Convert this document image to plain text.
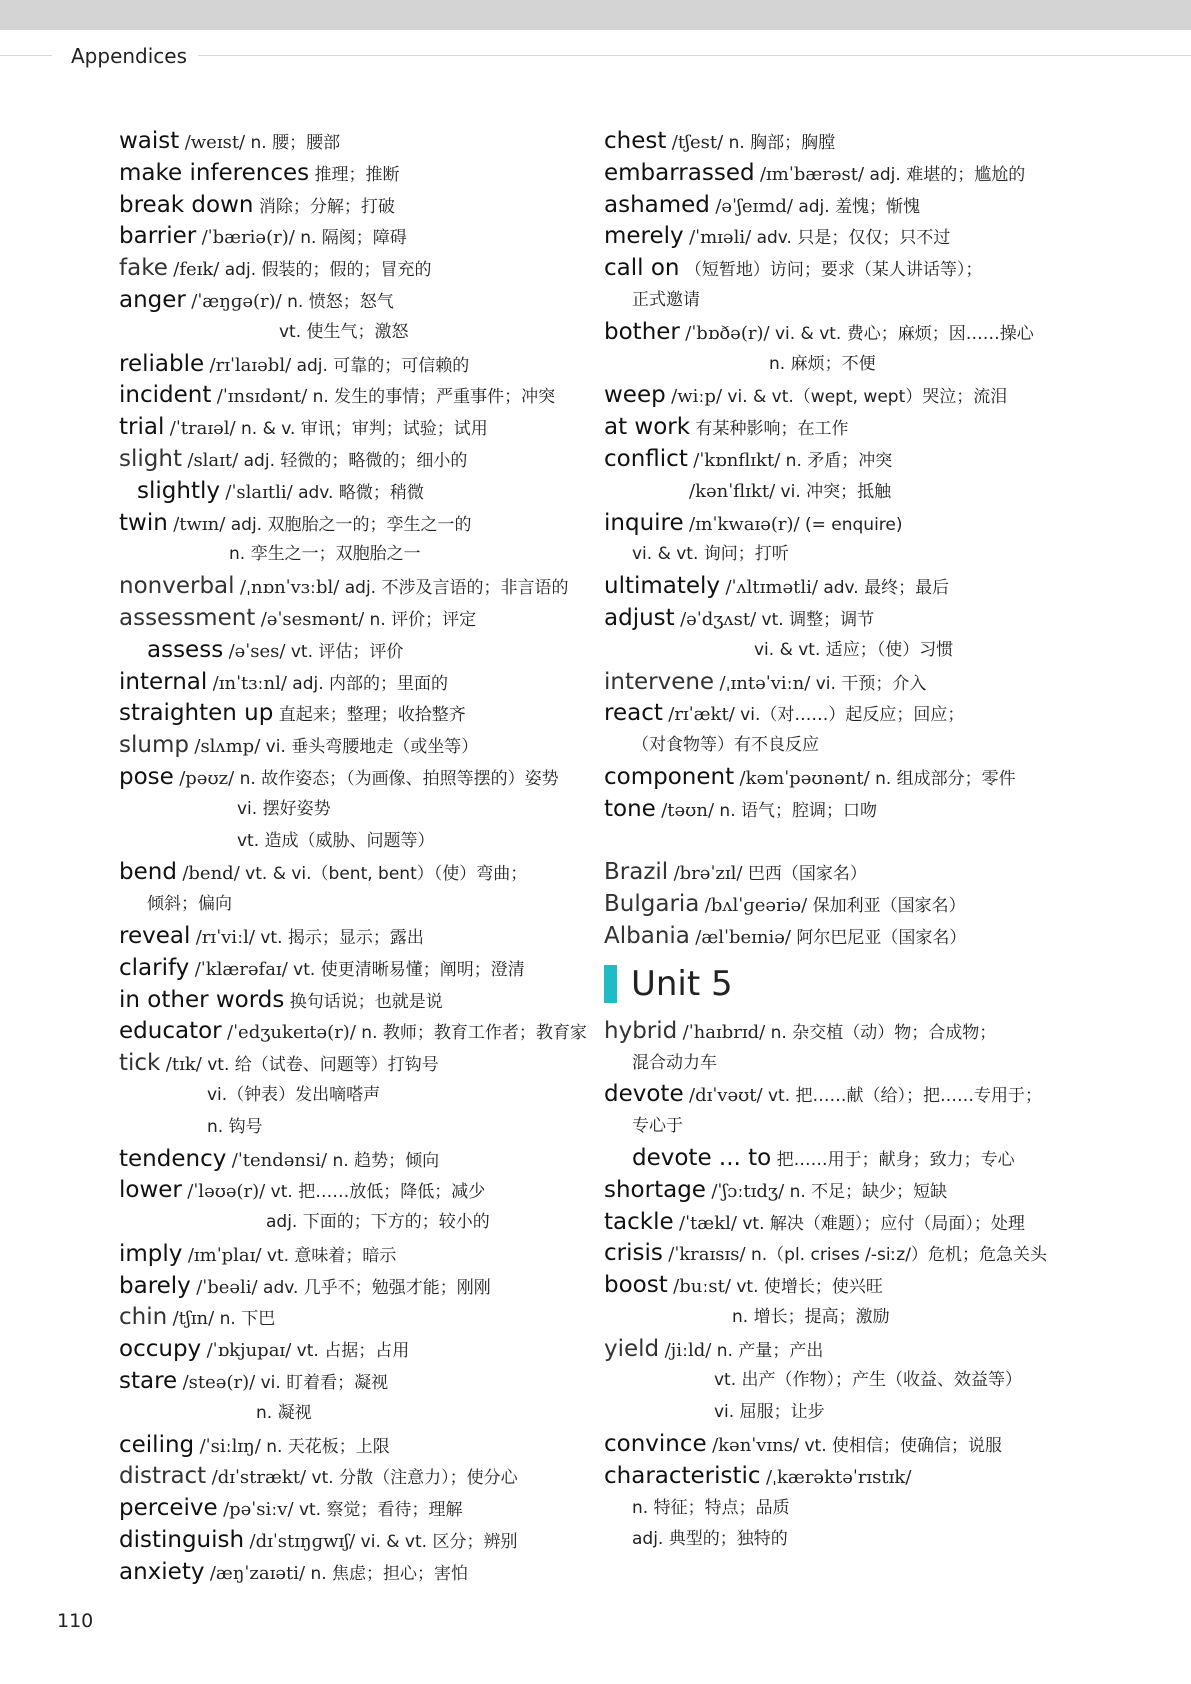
Appendices
waist /weɪst/ n. 腰；腰部
make inferences 推理；推断
break down 消除；分解；打破
barrier /ˈbæriə(r)/ n. 隔阂；障碍
fake /feɪk/ adj. 假装的；假的；冒充的
anger /ˈæŋɡə(r)/ n. 愤怒；怒气
vt. 使生气；激怒
reliable /rɪˈlaɪəbl/ adj. 可靠的；可信赖的
incident /ˈɪnsɪdənt/ n. 发生的事情；严重事件；冲突
trial /ˈtraɪəl/ n. & v. 审讯；审判；试验；试用
slight /slaɪt/ adj. 轻微的；略微的；细小的
slightly /ˈslaɪtli/ adv. 略微；稍微
twin /twɪn/ adj. 双胞胎之一的；孪生之一的
n. 孪生之一；双胞胎之一
nonverbal /ˌnɒnˈvɜːbl/ adj. 不涉及言语的；非言语的
assessment /əˈsesmənt/ n. 评价；评定
assess /əˈses/ vt. 评估；评价
internal /ɪnˈtɜːnl/ adj. 内部的；里面的
straighten up 直起来；整理；收拾整齐
slump /slʌmp/ vi. 垂头弯腰地走（或坐等）
pose /pəʊz/ n. 故作姿态；（为画像、拍照等摆的）姿势
vi. 摆好姿势
vt. 造成（威胁、问题等）
bend /bend/ vt. & vi.（bent, bent）（使）弯曲；
倾斜；偏向
reveal /rɪˈviːl/ vt. 揭示；显示；露出
clarify /ˈklærəfaɪ/ vt. 使更清晰易懂；阐明；澄清
in other words 换句话说；也就是说
educator /ˈedʒukeɪtə(r)/ n. 教师；教育工作者；教育家
tick /tɪk/ vt. 给（试卷、问题等）打钩号
vi.（钟表）发出嘀嗒声
n. 钩号
tendency /ˈtendənsi/ n. 趋势；倾向
lower /ˈləʊə(r)/ vt. 把……放低；降低；减少
adj. 下面的；下方的；较小的
imply /ɪmˈplaɪ/ vt. 意味着；暗示
barely /ˈbeəli/ adv. 几乎不；勉强才能；刚刚
chin /tʃɪn/ n. 下巴
occupy /ˈɒkjupaɪ/ vt. 占据；占用
stare /steə(r)/ vi. 盯着看；凝视
n. 凝视
ceiling /ˈsiːlɪŋ/ n. 天花板；上限
distract /dɪˈstrækt/ vt. 分散（注意力）；使分心
perceive /pəˈsiːv/ vt. 察觉；看待；理解
distinguish /dɪˈstɪŋɡwɪʃ/ vi. & vt. 区分；辨别
anxiety /æŋˈzaɪəti/ n. 焦虑；担心；害怕
chest /tʃest/ n. 胸部；胸膛
embarrassed /ɪmˈbærəst/ adj. 难堪的；尴尬的
ashamed /əˈʃeɪmd/ adj. 羞愧；惭愧
merely /ˈmɪəli/ adv. 只是；仅仅；只不过
call on （短暂地）访问；要求（某人讲话等）；
正式邀请
bother /ˈbɒðə(r)/ vi. & vt. 费心；麻烦；因……操心
n. 麻烦；不便
weep /wiːp/ vi. & vt.（wept, wept）哭泣；流泪
at work 有某种影响；在工作
conflict /ˈkɒnflɪkt/ n. 矛盾；冲突
/kənˈflɪkt/ vi. 冲突；抵触
inquire /ɪnˈkwaɪə(r)/ (= enquire)
vi. & vt. 询问；打听
ultimately /ˈʌltɪmətli/ adv. 最终；最后
adjust /əˈdʒʌst/ vt. 调整；调节
vi. & vt. 适应；（使）习惯
intervene /ˌɪntəˈviːn/ vi. 干预；介入
react /rɪˈækt/ vi.（对……）起反应；回应；
（对食物等）有不良反应
component /kəmˈpəʊnənt/ n. 组成部分；零件
tone /təʊn/ n. 语气；腔调；口吻
Brazil /brəˈzɪl/ 巴西（国家名）
Bulgaria /bʌlˈɡeəriə/ 保加利亚（国家名）
Albania /ælˈbeɪniə/ 阿尔巴尼亚（国家名）
Unit 5
hybrid /ˈhaɪbrɪd/ n. 杂交植（动）物；合成物；
混合动力车
devote /dɪˈvəʊt/ vt. 把……献（给）；把……专用于；
专心于
devote ... to 把……用于；献身；致力；专心
shortage /ˈʃɔːtɪdʒ/ n. 不足；缺少；短缺
tackle /ˈtækl/ vt. 解决（难题）；应付（局面）；处理
crisis /ˈkraɪsɪs/ n.（pl. crises /-siːz/）危机；危急关头
boost /buːst/ vt. 使增长；使兴旺
n. 增长；提高；激励
yield /jiːld/ n. 产量；产出
vt. 出产（作物）；产生（收益、效益等）
vi. 屈服；让步
convince /kənˈvɪns/ vt. 使相信；使确信；说服
characteristic /ˌkærəktəˈrɪstɪk/
n. 特征；特点；品质
adj. 典型的；独特的
110
